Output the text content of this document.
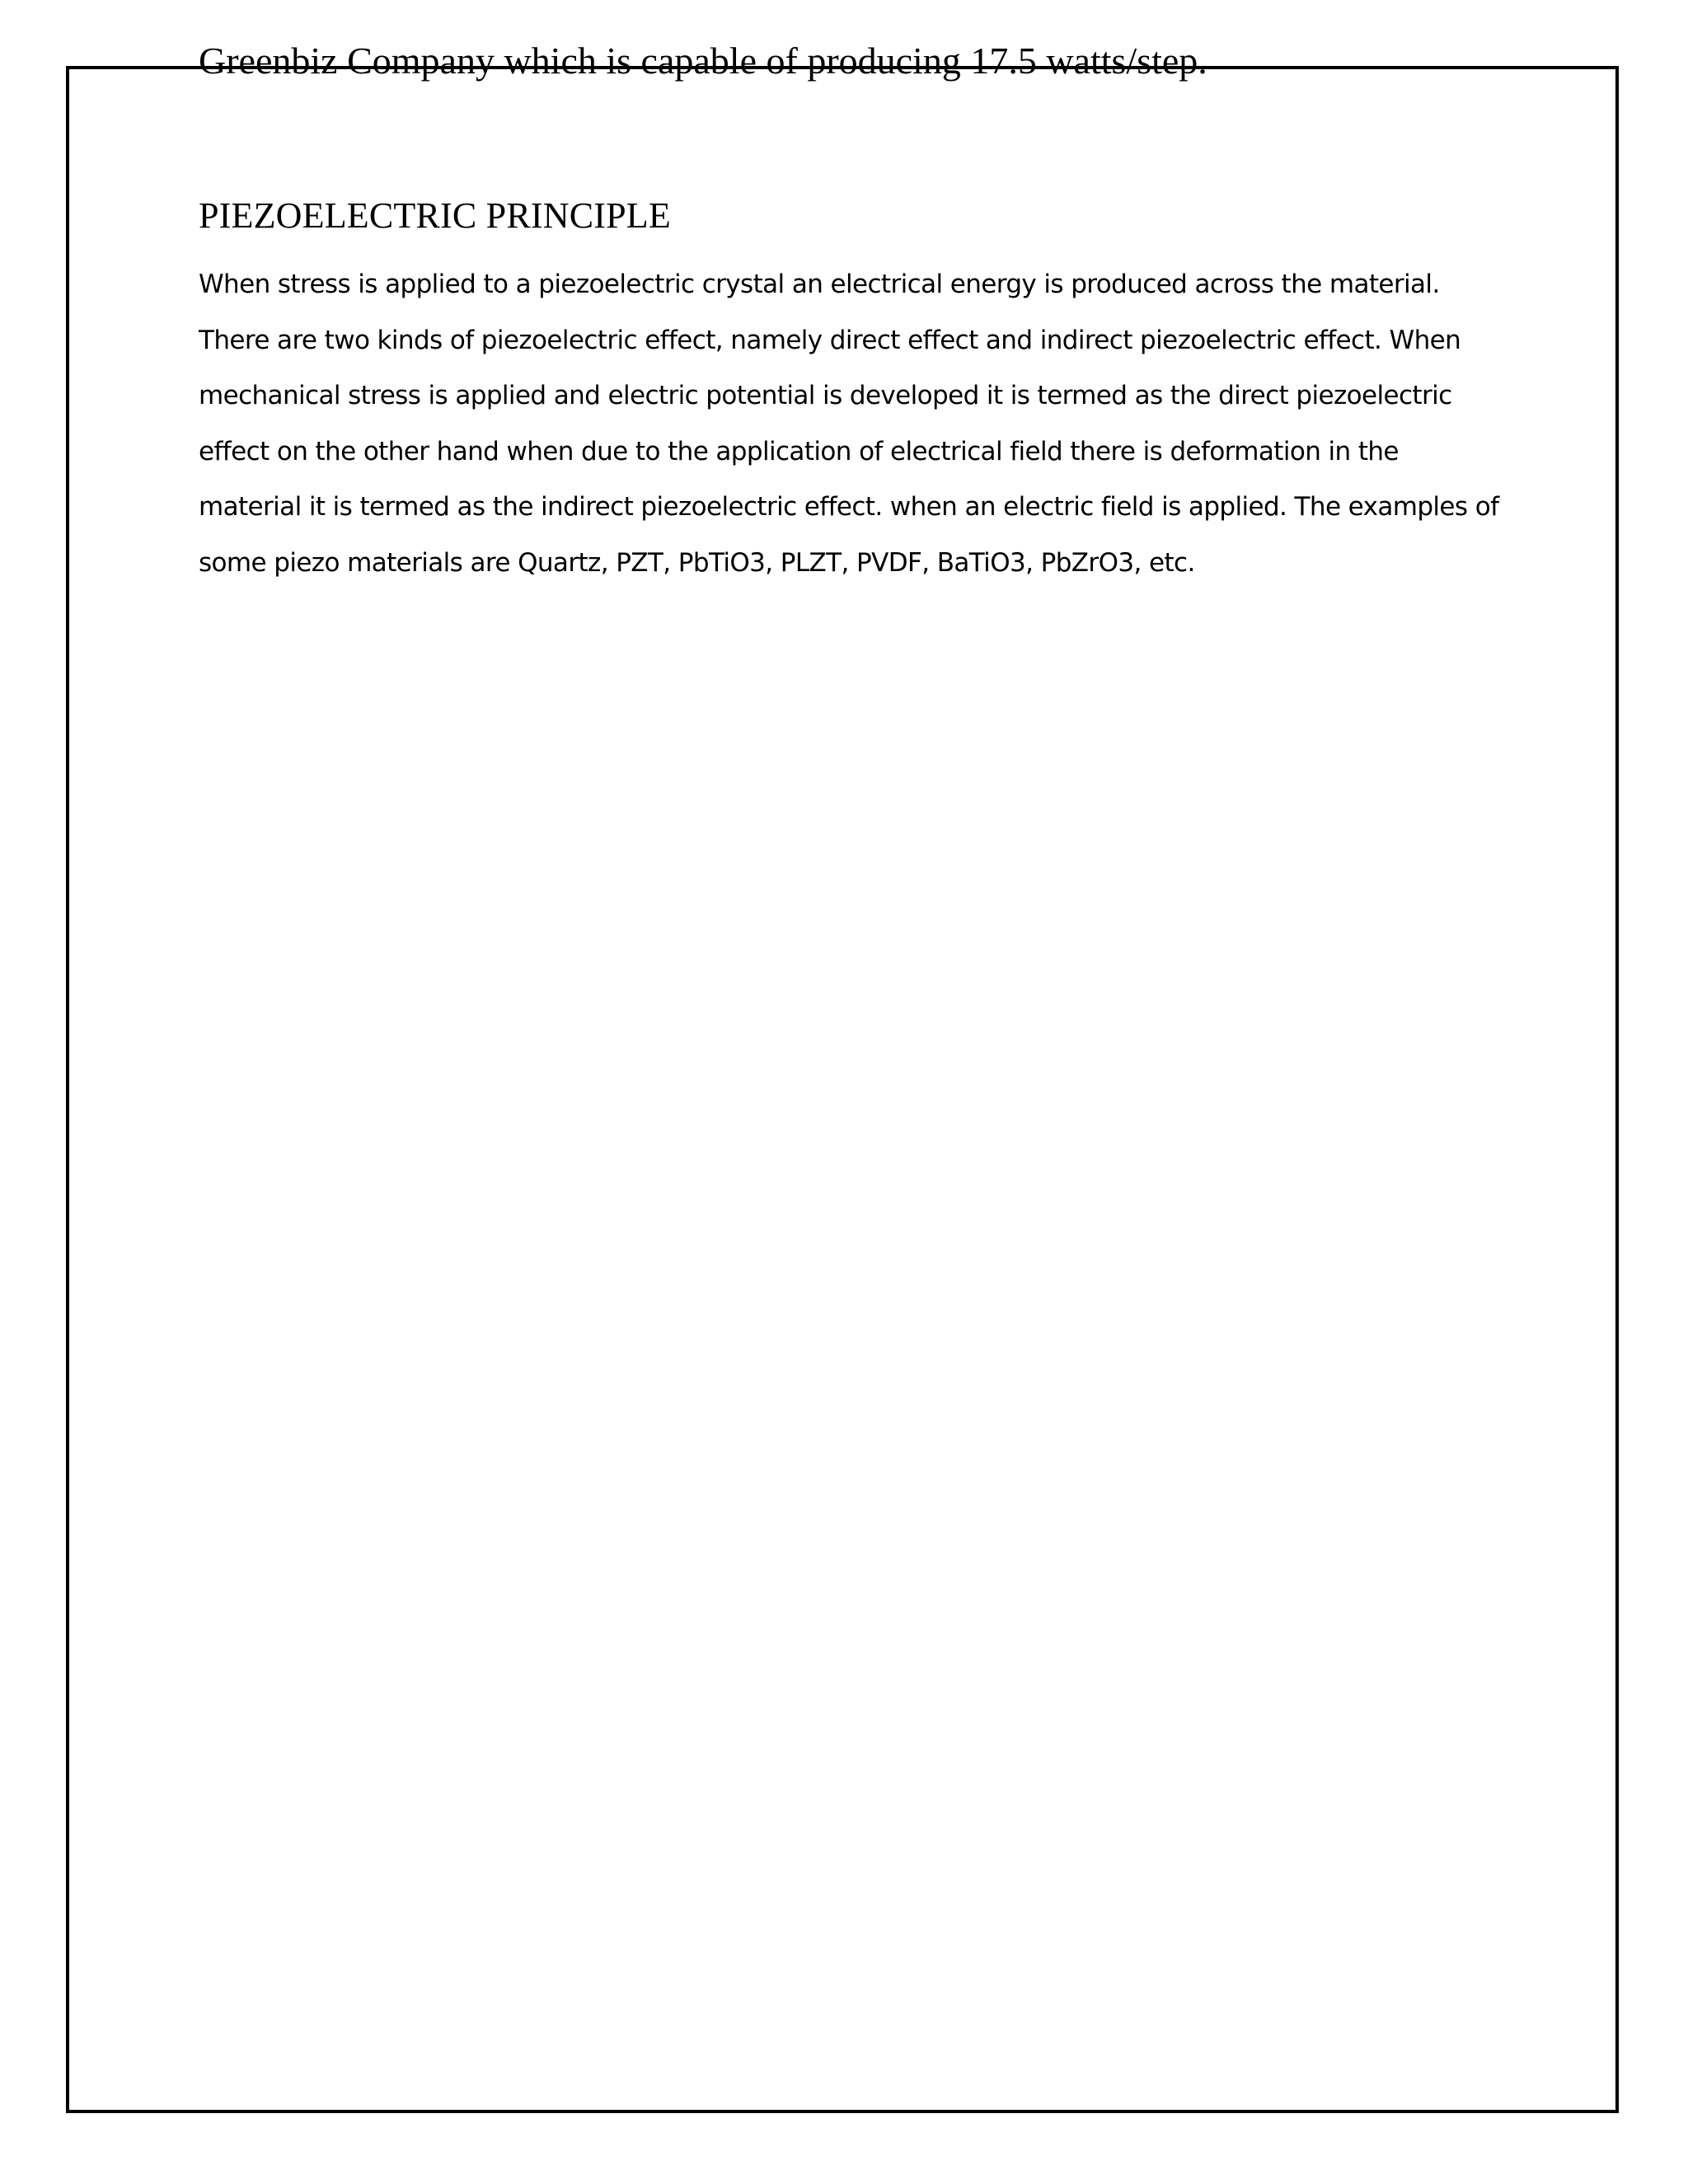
Greenbiz Company which is capable of producing 17.5 watts/step.

PIEZOELECTRIC PRINCIPLE

When stress is applied to a piezoelectric crystal an electrical energy is produced across the material.
There are two kinds of piezoelectric effect, namely direct effect and indirect piezoelectric effect. When
mechanical stress is applied and electric potential is developed it is termed as the direct piezoelectric
effect on the other hand when due to the application of electrical field there is deformation in the
material it is termed as the indirect piezoelectric effect. when an electric field is applied. The examples of
some piezo materials are Quartz, PZT, PbTiO3, PLZT, PVDF, BaTiO3, PbZrO3, etc.
